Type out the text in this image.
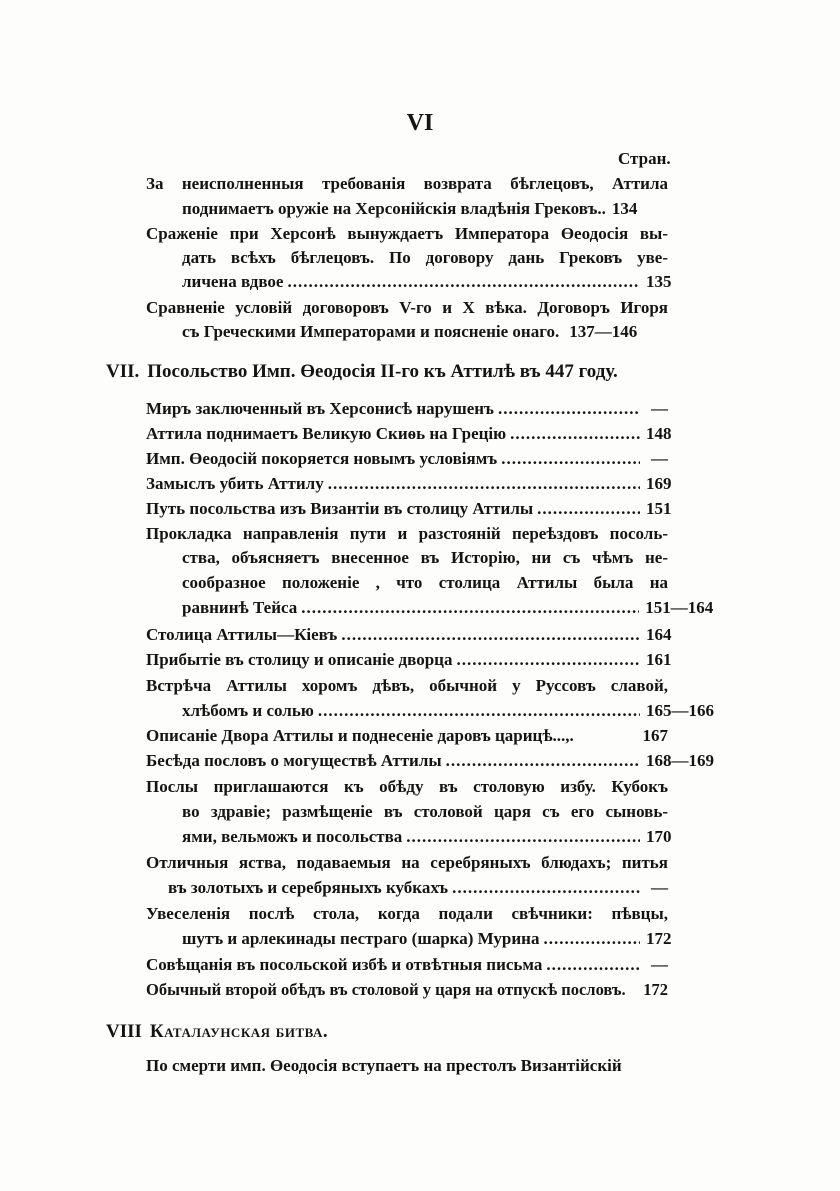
VI
Стран.
За неисполненныя требованія возврата бѣглецовъ, Аттила
поднимаетъ оружіе на Херсонійскія владѣнія Грековъ.. 134
Сраженіе при Херсонѣ вынуждаетъ Императора Өеодосія вы-
дать всѣхъ бѣглецовъ. По договору дань Грековъ уве-
личена вдвое .....	135
Сравненіе условій договоровъ V-го и X вѣка. Договоръ Игоря
съ Греческими Императорами и поясненіе онаго. 137—146
VII. Посольство Имп. Өеодосія II-го къ Аттилѣ въ 447 году.
Миръ заключенный въ Херсонисѣ нарушенъ .....	—
Аттила поднимаетъ Великую Скиѳь на Грецію .....	148
Имп. Өеодосій покоряется новымъ условіямъ .....	—
Замыслъ убить Аттилу .....	169
Путь посольства изъ Византіи въ столицу Аттилы .....	151
Прокладка направленія пути и разстояній переѣздовъ посоль-
ства, объясняетъ внесенное въ Исторію, ни съ чѣмъ не-
сообразное положеніе , что столица Аттилы была на
равнинѣ Тейса .....	151—164
Столица Аттилы—Кіевъ .....	164
Прибытіе въ столицу и описаніе дворца .....	161
Встрѣча Аттилы хоромъ дѣвъ, обычной у Руссовъ славой,
хлѣбомъ и солью .....	165—166
Описаніе Двора Аттилы и поднесеніе даровъ царицѣ...,.	167
Бесѣда пословъ о могуществѣ Аттилы .....	168—169
Послы приглашаются къ обѣду въ столовую избу. Кубокъ
во здравіе; размѣщеніе въ столовой царя съ его сыновь-
ями, вельможъ и посольства .....	170
Отличныя яства, подаваемыя на серебряныхъ блюдахъ; питья
въ золотыхъ и серебряныхъ кубкахъ .....	—
Увеселенія послѣ стола, когда подали свѣчники: пѣвцы,
шутъ и арлекинады пестраго (шарка) Мурина .....	172
Совѣщанія въ посольской избѣ и отвѣтныя письма .....	—
Обычный второй обѣдъ въ столовой у царя на отпускѣ пословъ. 172
VIII Каталаунская битва.
По смерти имп. Өеодосія вступаетъ на престолъ Византійскій
